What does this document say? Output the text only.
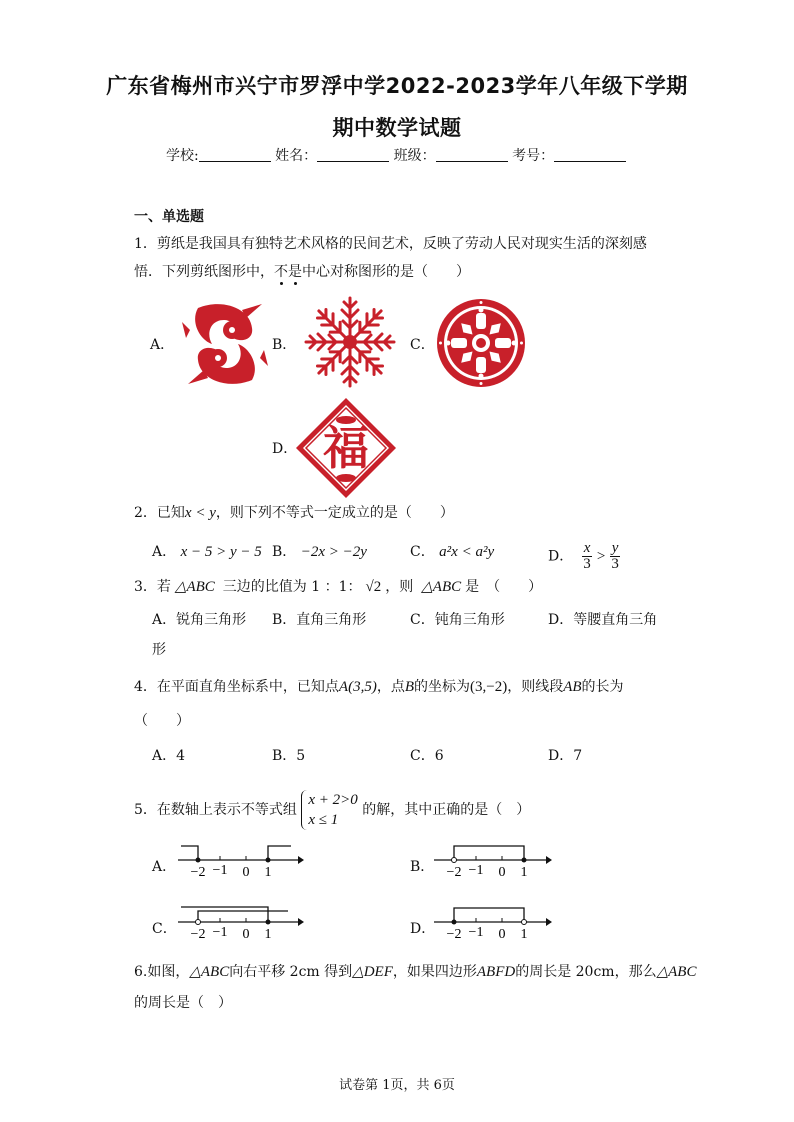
广东省梅州市兴宁市罗浮中学2022-2023学年八年级下学期
期中数学试题
学校:	姓名：	班级：	考号：
一、单选题
1．剪纸是我国具有独特艺术风格的民间艺术，反映了劳动人民对现实生活的深刻感
悟．下列剪纸图形中，不是中心对称图形的是（　　）
A．	B．	C．
D． 福
2．已知x < y，则下列不等式一定成立的是（　　）
A． x − 5 > y − 5 B． −2x > −2y	C． a²x < a²y	D． $\frac{x}{3} > \frac{y}{3}$
3．若 △ABC 三边的比值为 1 ：1： √2 ，则 △ABC 是　（　　）
A．锐角三角形 B．直角三角形	C．钝角三角形	D．等腰直角三角
形
4．在平面直角坐标系中，已知点A(3,5)，点B的坐标为(3,−2)，则线段AB的长为
（　　）
A．4	B．5	C．6	D．7
5．在数轴上表示不等式组
x + 2>0
x ≤ 1
的解，其中正确的是（　）
A． −2 −1 0 1	B． −2 −1 0 1
C． −2 −1 0 1	D． −2 −1 0 1
6.如图，△ABC向右平移 2cm 得到△DEF，如果四边形ABFD的周长是 20cm，那么△ABC
的周长是（　）
试卷第 1页，共 6页
